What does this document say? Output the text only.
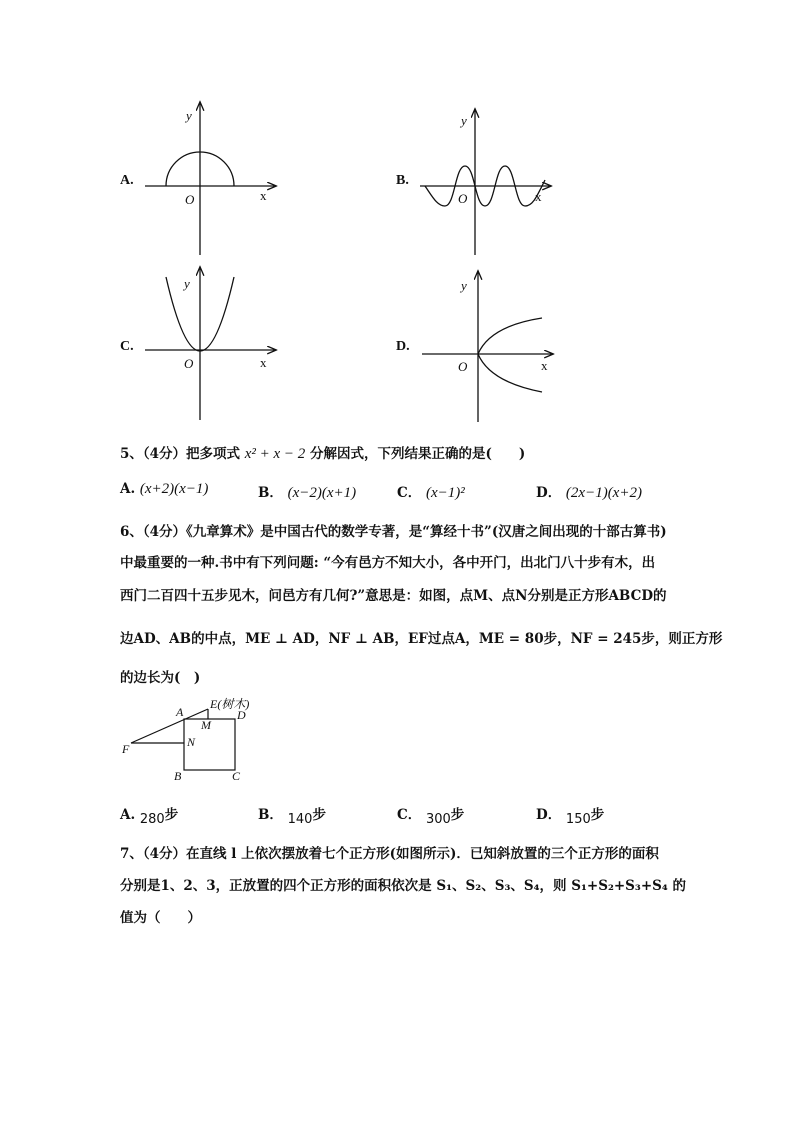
A.
y
x
O
B.
y
x
O
C.
y
x
O
D.
y
x
O
5、（4分）把多项式 x² + x − 2 分解因式，下列结果正确的是(　　)
A. (x+2)(x−1)	B． (x−2)(x+1)	C． (x−1)²	D． (2x−1)(x+2)
6、（4分）《九章算术》是中国古代的数学专著，是“算经十书”(汉唐之间出现的十部古算书)
中最重要的一种.书中有下列问题: “今有邑方不知大小，各中开门，出北门八十步有木，出
西门二百四十五步见木，问邑方有几何?”意思是：如图，点M、点N分别是正方形ABCD的
边AD、AB的中点，ME ⊥ AD，NF ⊥ AB，EF过点A，ME = 80步，NF = 245步，则正方形
的边长为(　)
E(树木)
A
M
D
N
F
B	C
A. 280步	B． 140步	C． 300步	D． 150步
7、（4分）在直线 l 上依次摆放着七个正方形(如图所示)．已知斜放置的三个正方形的面积
分别是1、2、3，正放置的四个正方形的面积依次是 S₁、S₂、S₃、S₄，则 S₁+S₂+S₃+S₄ 的
值为（　　）
